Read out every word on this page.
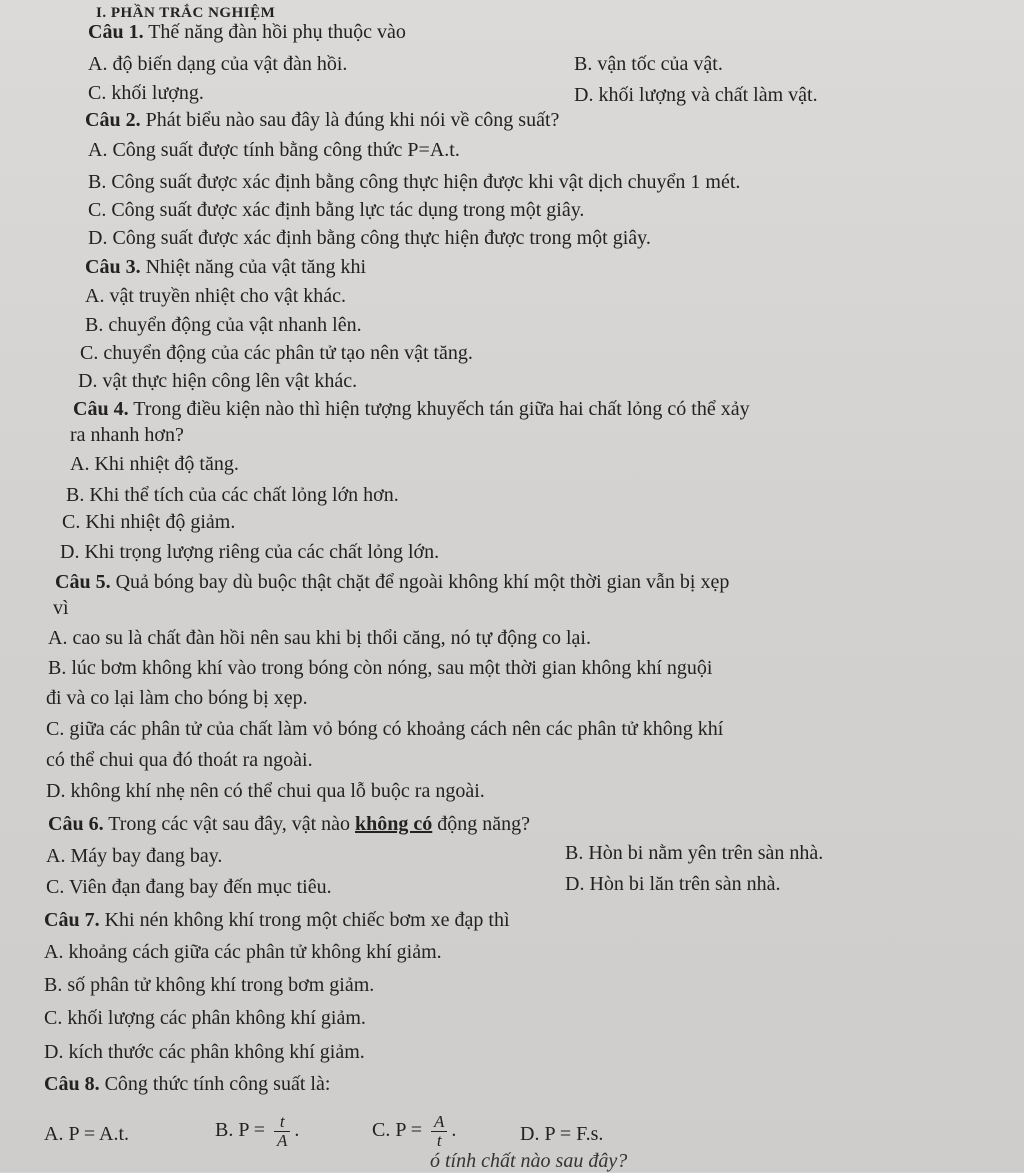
I. PHẦN TRẮC NGHIỆM
Câu 1. Thế năng đàn hồi phụ thuộc vào
A. độ biến dạng của vật đàn hồi.	B. vận tốc của vật.
C. khối lượng.	D. khối lượng và chất làm vật.
Câu 2. Phát biểu nào sau đây là đúng khi nói về công suất?
A. Công suất được tính bằng công thức P=A.t.
B. Công suất được xác định bằng công thực hiện được khi vật dịch chuyển 1 mét.
C. Công suất được xác định bằng lực tác dụng trong một giây.
D. Công suất được xác định bằng công thực hiện được trong một giây.
Câu 3. Nhiệt năng của vật tăng khi
A. vật truyền nhiệt cho vật khác.
B. chuyển động của vật nhanh lên.
C. chuyển động của các phân tử tạo nên vật tăng.
D. vật thực hiện công lên vật khác.
Câu 4. Trong điều kiện nào thì hiện tượng khuyếch tán giữa hai chất lỏng có thể xảy
ra nhanh hơn?
A. Khi nhiệt độ tăng.
B. Khi thể tích của các chất lỏng lớn hơn.
C. Khi nhiệt độ giảm.
D. Khi trọng lượng riêng của các chất lỏng lớn.
Câu 5. Quả bóng bay dù buộc thật chặt để ngoài không khí một thời gian vẫn bị xẹp
vì
A. cao su là chất đàn hồi nên sau khi bị thổi căng, nó tự động co lại.
B. lúc bơm không khí vào trong bóng còn nóng, sau một thời gian không khí nguội
đi và co lại làm cho bóng bị xẹp.
C. giữa các phân tử của chất làm vỏ bóng có khoảng cách nên các phân tử không khí
có thể chui qua đó thoát ra ngoài.
D. không khí nhẹ nên có thể chui qua lỗ buộc ra ngoài.
Câu 6. Trong các vật sau đây, vật nào không có động năng?
A. Máy bay đang bay.	B. Hòn bi nằm yên trên sàn nhà.
C. Viên đạn đang bay đến mục tiêu.	D. Hòn bi lăn trên sàn nhà.
Câu 7. Khi nén không khí trong một chiếc bơm xe đạp thì
A. khoảng cách giữa các phân tử không khí giảm.
B. số phân tử không khí trong bơm giảm.
C. khối lượng các phân không khí giảm.
D. kích thước các phân không khí giảm.
Câu 8. Công thức tính công suất là:
A. P = A.t.	B. $P = \frac{t}{A}$ .	C. $P = \frac{A}{t}$ .	D. P = F.s.
ó tính chất nào sau đây?
